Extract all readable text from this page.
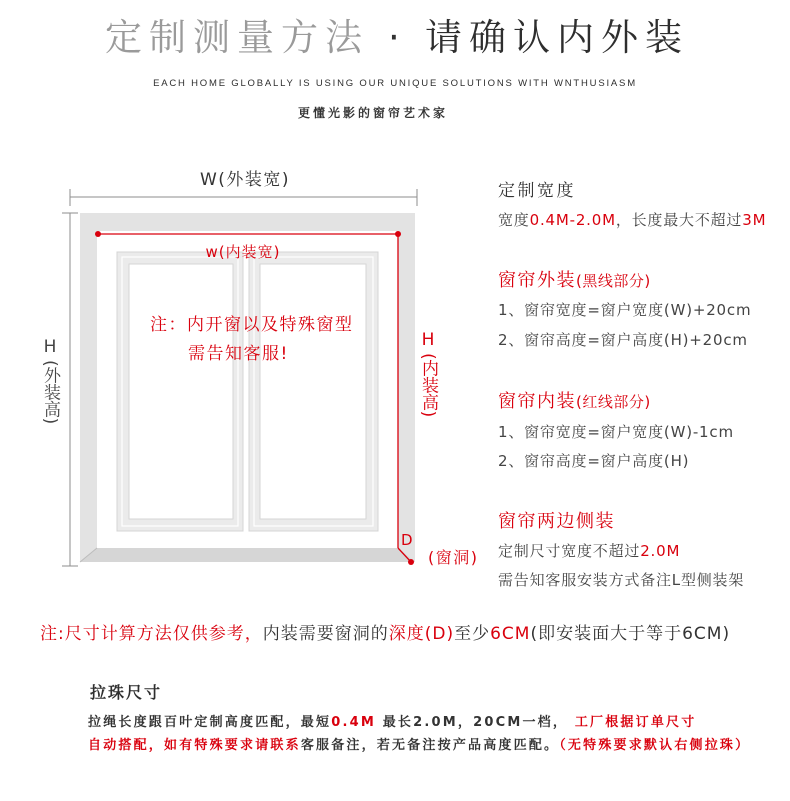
定制测量方法 · 请确认内外装
EACH HOME GLOBALLY IS USING OUR UNIQUE SOLUTIONS WITH WNTHUSIASM
更懂光影的窗帘艺术家
W(外装宽)
H
(外装高)
w(内装宽)
注：内开窗以及特殊窗型
需告知客服!
H
(内装高)
D
(窗洞)
定制宽度
宽度0.4M-2.0M，长度最大不超过3M
窗帘外装(黑线部分)
1、窗帘宽度=窗户宽度(W)+20cm
2、窗帘高度=窗户高度(H)+20cm
窗帘内装(红线部分)
1、窗帘宽度=窗户宽度(W)-1cm
2、窗帘高度=窗户高度(H)
窗帘两边侧装
定制尺寸宽度不超过2.0M
需告知客服安装方式备注L型侧装架
注:尺寸计算方法仅供参考，内装需要窗洞的深度(D)至少6CM(即安装面大于等于6CM)
拉珠尺寸
拉绳长度跟百叶定制高度匹配，最短0.4M 最长2.0M，20CM一档， 工厂根据订单尺寸
自动搭配，如有特殊要求请联系客服备注，若无备注按产品高度匹配。（无特殊要求默认右侧拉珠）
